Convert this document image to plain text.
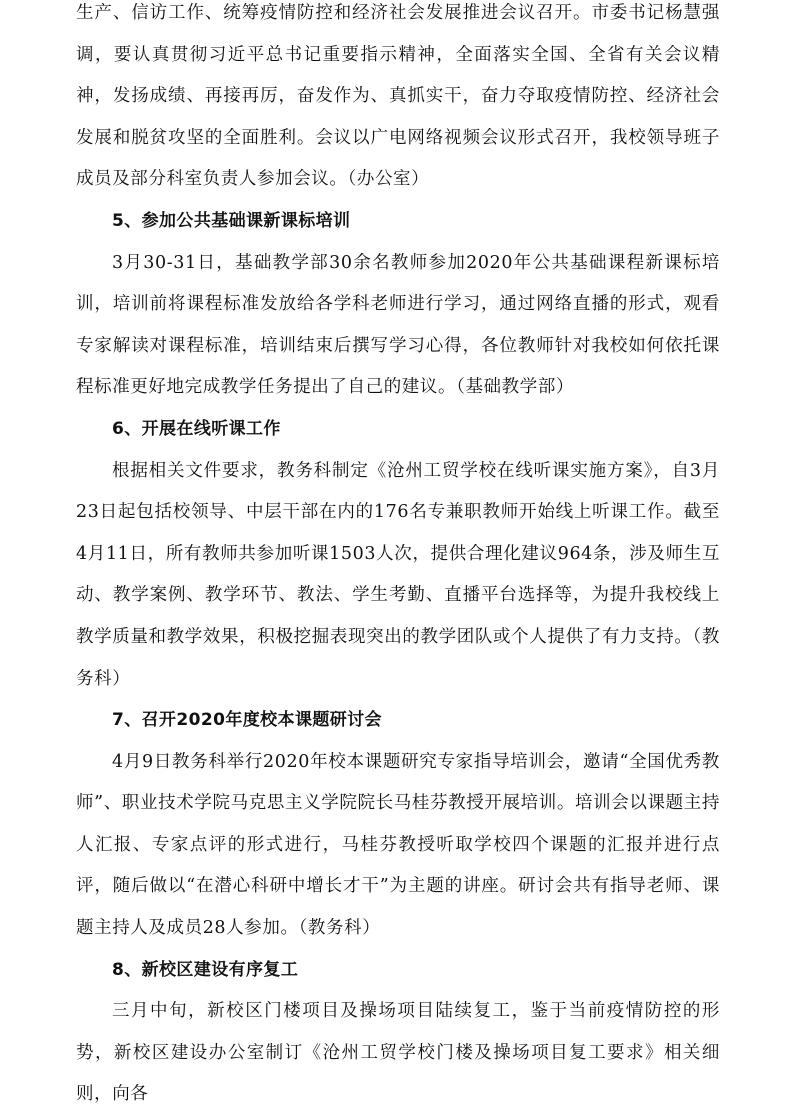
生产、信访工作、统筹疫情防控和经济社会发展推进会议召开。市委书记杨慧强调，要认真贯彻习近平总书记重要指示精神，全面落实全国、全省有关会议精神，发扬成绩、再接再厉，奋发作为、真抓实干，奋力夺取疫情防控、经济社会发展和脱贫攻坚的全面胜利。会议以广电网络视频会议形式召开，我校领导班子成员及部分科室负责人参加会议。（办公室）

5、参加公共基础课新课标培训

3月30-31日，基础教学部30余名教师参加2020年公共基础课程新课标培训，培训前将课程标准发放给各学科老师进行学习，通过网络直播的形式，观看专家解读对课程标准，培训结束后撰写学习心得，各位教师针对我校如何依托课程标准更好地完成教学任务提出了自己的建议。（基础教学部）

6、开展在线听课工作

根据相关文件要求，教务科制定《沧州工贸学校在线听课实施方案》，自3月23日起包括校领导、中层干部在内的176名专兼职教师开始线上听课工作。截至4月11日，所有教师共参加听课1503人次，提供合理化建议964条，涉及师生互动、教学案例、教学环节、教法、学生考勤、直播平台选择等，为提升我校线上教学质量和教学效果，积极挖掘表现突出的教学团队或个人提供了有力支持。（教务科）

7、召开2020年度校本课题研讨会

4月9日教务科举行2020年校本课题研究专家指导培训会，邀请“全国优秀教师”、职业技术学院马克思主义学院院长马桂芬教授开展培训。培训会以课题主持人汇报、专家点评的形式进行，马桂芬教授听取学校四个课题的汇报并进行点评，随后做以“在潜心科研中增长才干”为主题的讲座。研讨会共有指导老师、课题主持人及成员28人参加。（教务科）

8、新校区建设有序复工

三月中旬，新校区门楼项目及操场项目陆续复工，鉴于当前疫情防控的形势，新校区建设办公室制订《沧州工贸学校门楼及操场项目复工要求》相关细则，向各
